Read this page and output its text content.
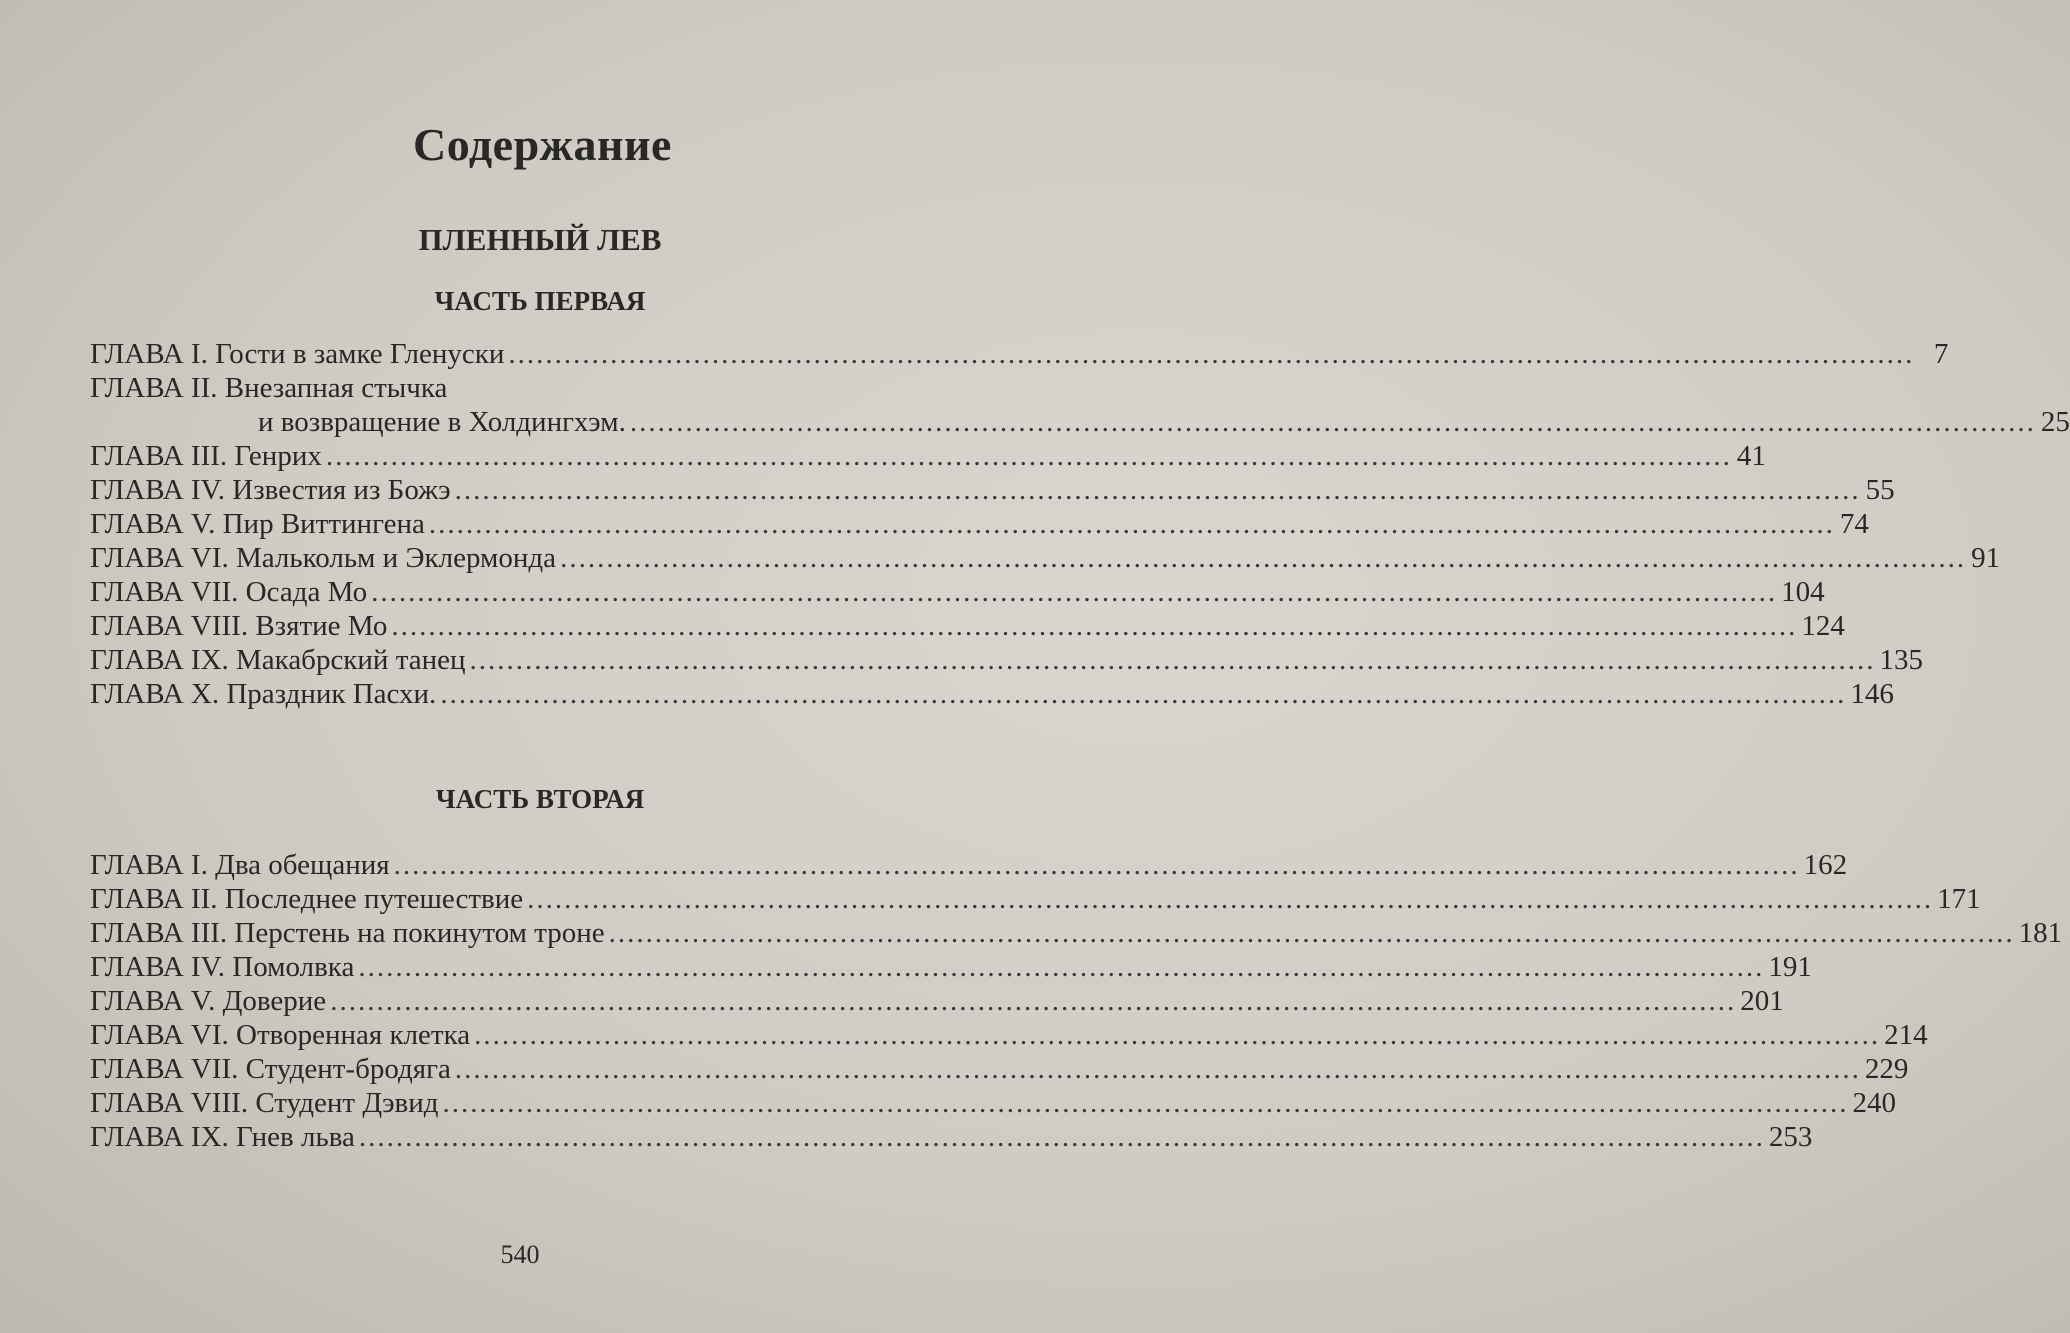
Содержание
ПЛЕННЫЙ ЛЕВ
ЧАСТЬ ПЕРВАЯ
ГЛАВА I. Гости в замке Гленуски .....	7
ГЛАВА II. Внезапная стычка
и возвращение в Холдингхэм. .....	25
ГЛАВА III. Генрих .....	41
ГЛАВА IV. Известия из Божэ .....	55
ГЛАВА V. Пир Виттингена .....	74
ГЛАВА VI. Малькольм и Эклермонда .....	91
ГЛАВА VII. Осада Мо .....	104
ГЛАВА VIII. Взятие Мо .....	124
ГЛАВА IX. Макабрский танец .....	135
ГЛАВА X. Праздник Пасхи. .....	146
ЧАСТЬ ВТОРАЯ
ГЛАВА I. Два обещания .....	162
ГЛАВА II. Последнее путешествие .....	171
ГЛАВА III. Перстень на покинутом троне .....	181
ГЛАВА IV. Помолвка .....	191
ГЛАВА V. Доверие .....	201
ГЛАВА VI. Отворенная клетка .....	214
ГЛАВА VII. Студент-бродяга .....	229
ГЛАВА VIII. Студент Дэвид .....	240
ГЛАВА IX. Гнев льва .....	253
540
